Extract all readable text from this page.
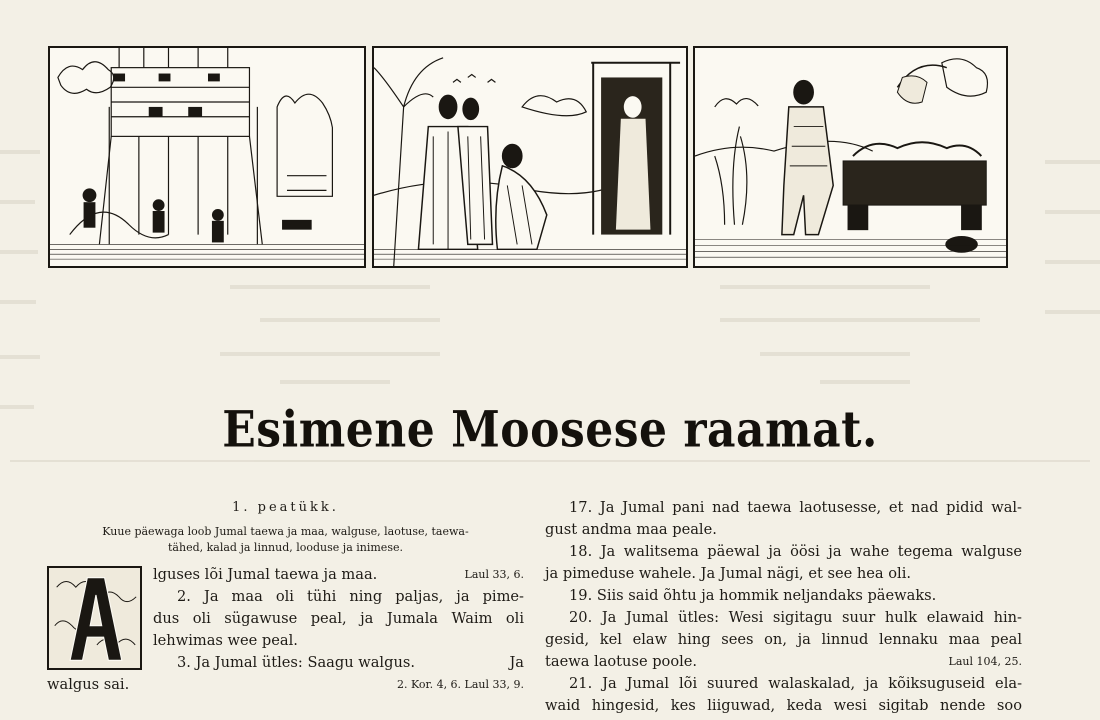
Esimene Moosese raamat.

1. peatükk.

Kuue päewaga loob Jumal taewa ja maa, walguse, laotuse, taewa-
tähed, kalad ja linnud, looduse ja inimese.

lguses lõi Jumal taewa ja maa.	Laul 33, 6.
2. Ja maa oli tühi ning paljas, ja pime-
dus oli sügawuse peal, ja Jumala Waim oli
lehwimas wee peal.
3. Ja Jumal ütles: Saagu walgus.	Ja
walgus sai.	2. Kor. 4, 6. Laul 33, 9.
17. Ja Jumal pani nad taewa laotusesse, et nad pidid wal-
gust andma maa peale.
18. Ja walitsema päewal ja öösi ja wahe tegema walguse
ja pimeduse wahele. Ja Jumal nägi, et see hea oli.
19. Siis said õhtu ja hommik neljandaks päewaks.
20. Ja Jumal ütles: Wesi sigitagu suur hulk elawaid hin-
gesid, kel elaw hing sees on, ja linnud lennaku maa peal
taewa laotuse poole.	Laul 104, 25.
21. Ja Jumal lõi suured walaskalad, ja kõiksuguseid ela-
waid hingesid, kes liiguwad, keda wesi sigitab nende soo
